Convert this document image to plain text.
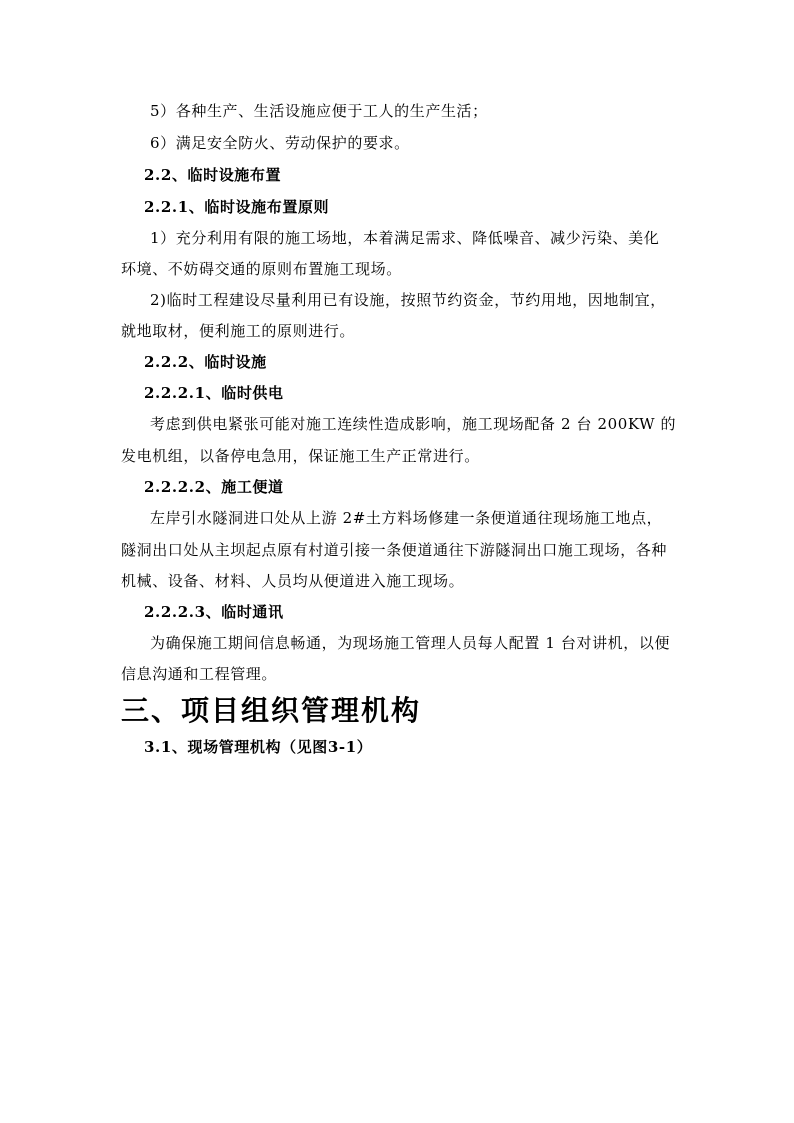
5）各种生产、生活设施应便于工人的生产生活；
6）满足安全防火、劳动保护的要求。
2.2、临时设施布置
2.2.1、临时设施布置原则
1）充分利用有限的施工场地，本着满足需求、降低噪音、减少污染、美化
环境、不妨碍交通的原则布置施工现场。
2)临时工程建设尽量利用已有设施，按照节约资金，节约用地，因地制宜，
就地取材，便利施工的原则进行。
2.2.2、临时设施
2.2.2.1、临时供电
考虑到供电紧张可能对施工连续性造成影响，施工现场配备 2 台 200KW 的
发电机组，以备停电急用，保证施工生产正常进行。
2.2.2.2、施工便道
左岸引水隧洞进口处从上游 2#土方料场修建一条便道通往现场施工地点，
隧洞出口处从主坝起点原有村道引接一条便道通往下游隧洞出口施工现场，各种
机械、设备、材料、人员均从便道进入施工现场。
2.2.2.3、临时通讯
为确保施工期间信息畅通，为现场施工管理人员每人配置 1 台对讲机，以便
信息沟通和工程管理。
三、项目组织管理机构
3.1、现场管理机构（见图3-1）
